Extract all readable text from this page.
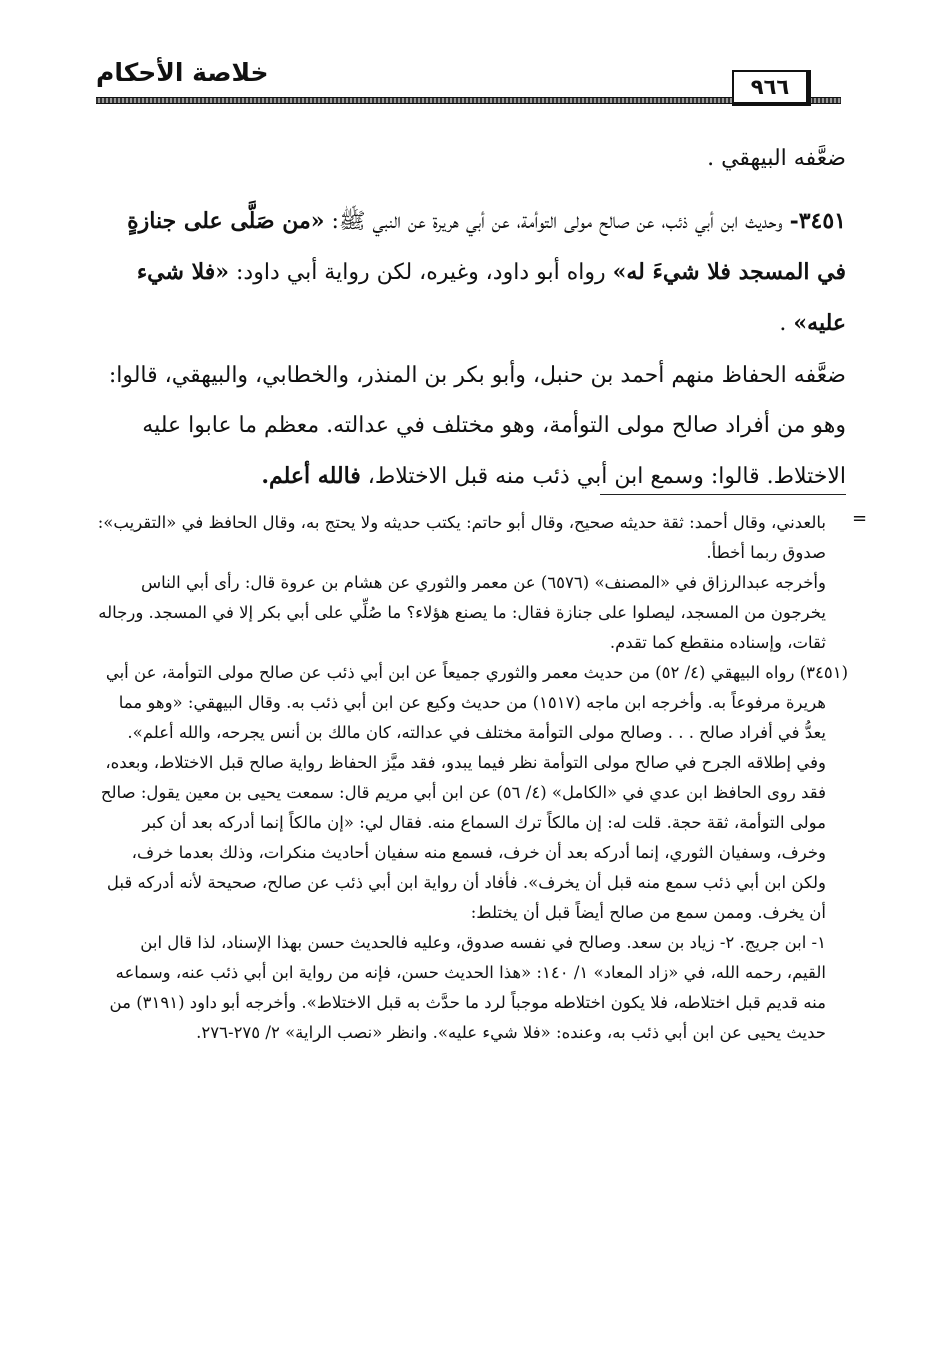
خلاصة الأحكام	٩٦٦

ضعَّفه البيهقي .

٣٤٥١- وحديث ابن أبي ذئب، عن صالح مولى التوأمة، عن أبي هريرة عن النبي ﷺ: «من صَلَّى على جنازةٍ في المسجد فلا شيءَ له» رواه أبو داود، وغيره، لكن رواية أبي داود: «فلا شيء عليه» .

ضعَّفه الحفاظ منهم أحمد بن حنبل، وأبو بكر بن المنذر، والخطابي، والبيهقي، قالوا: وهو من أفراد صالح مولى التوأمة، وهو مختلف في عدالته. معظم ما عابوا عليه الاختلاط. قالوا: وسمع ابن أبي ذئب منه قبل الاختلاط، فالله أعلم.

=

بالعدني، وقال أحمد: ثقة حديثه صحيح، وقال أبو حاتم: يكتب حديثه ولا يحتج به، وقال الحافظ في «التقريب»: صدوق ربما أخطأ.

وأخرجه عبدالرزاق في «المصنف» (٦٥٧٦) عن معمر والثوري عن هشام بن عروة قال: رأى أبي الناس يخرجون من المسجد، ليصلوا على جنازة فقال: ما يصنع هؤلاء؟ ما صُلِّي على أبي بكر إلا في المسجد. ورجاله ثقات، وإسناده منقطع كما تقدم.

(٣٤٥١) رواه البيهقي (٤/ ٥٢) من حديث معمر والثوري جميعاً عن ابن أبي ذئب عن صالح مولى التوأمة، عن أبي هريرة مرفوعاً به. وأخرجه ابن ماجه (١٥١٧) من حديث وكيع عن ابن أبي ذئب به. وقال البيهقي: «وهو مما يعدُّ في أفراد صالح . . . وصالح مولى التوأمة مختلف في عدالته، كان مالك بن أنس يجرحه، والله أعلم».

وفي إطلاقه الجرح في صالح مولى التوأمة نظر فيما يبدو، فقد ميَّز الحفاظ رواية صالح قبل الاختلاط، وبعده، فقد روى الحافظ ابن عدي في «الكامل» (٤/ ٥٦) عن ابن أبي مريم قال: سمعت يحيى بن معين يقول: صالح مولى التوأمة، ثقة حجة. قلت له: إن مالكاً ترك السماع منه. فقال لي: «إن مالكاً إنما أدركه بعد أن كبر وخرف، وسفيان الثوري، إنما أدركه بعد أن خرف، فسمع منه سفيان أحاديث منكرات، وذلك بعدما خرف، ولكن ابن أبي ذئب سمع منه قبل أن يخرف». فأفاد أن رواية ابن أبي ذئب عن صالح، صحيحة لأنه أدركه قبل أن يخرف. وممن سمع من صالح أيضاً قبل أن يختلط:

١- ابن جريج. ٢- زياد بن سعد. وصالح في نفسه صدوق، وعليه فالحديث حسن بهذا الإسناد، لذا قال ابن القيم، رحمه الله، في «زاد المعاد» ١/ ١٤٠: «هذا الحديث حسن، فإنه من رواية ابن أبي ذئب عنه، وسماعه منه قديم قبل اختلاطه، فلا يكون اختلاطه موجباً لرد ما حدَّث به قبل الاختلاط». وأخرجه أبو داود (٣١٩١) من حديث يحيى عن ابن أبي ذئب به، وعنده: «فلا شيء عليه». وانظر «نصب الراية» ٢/ ٢٧٥-٢٧٦.
